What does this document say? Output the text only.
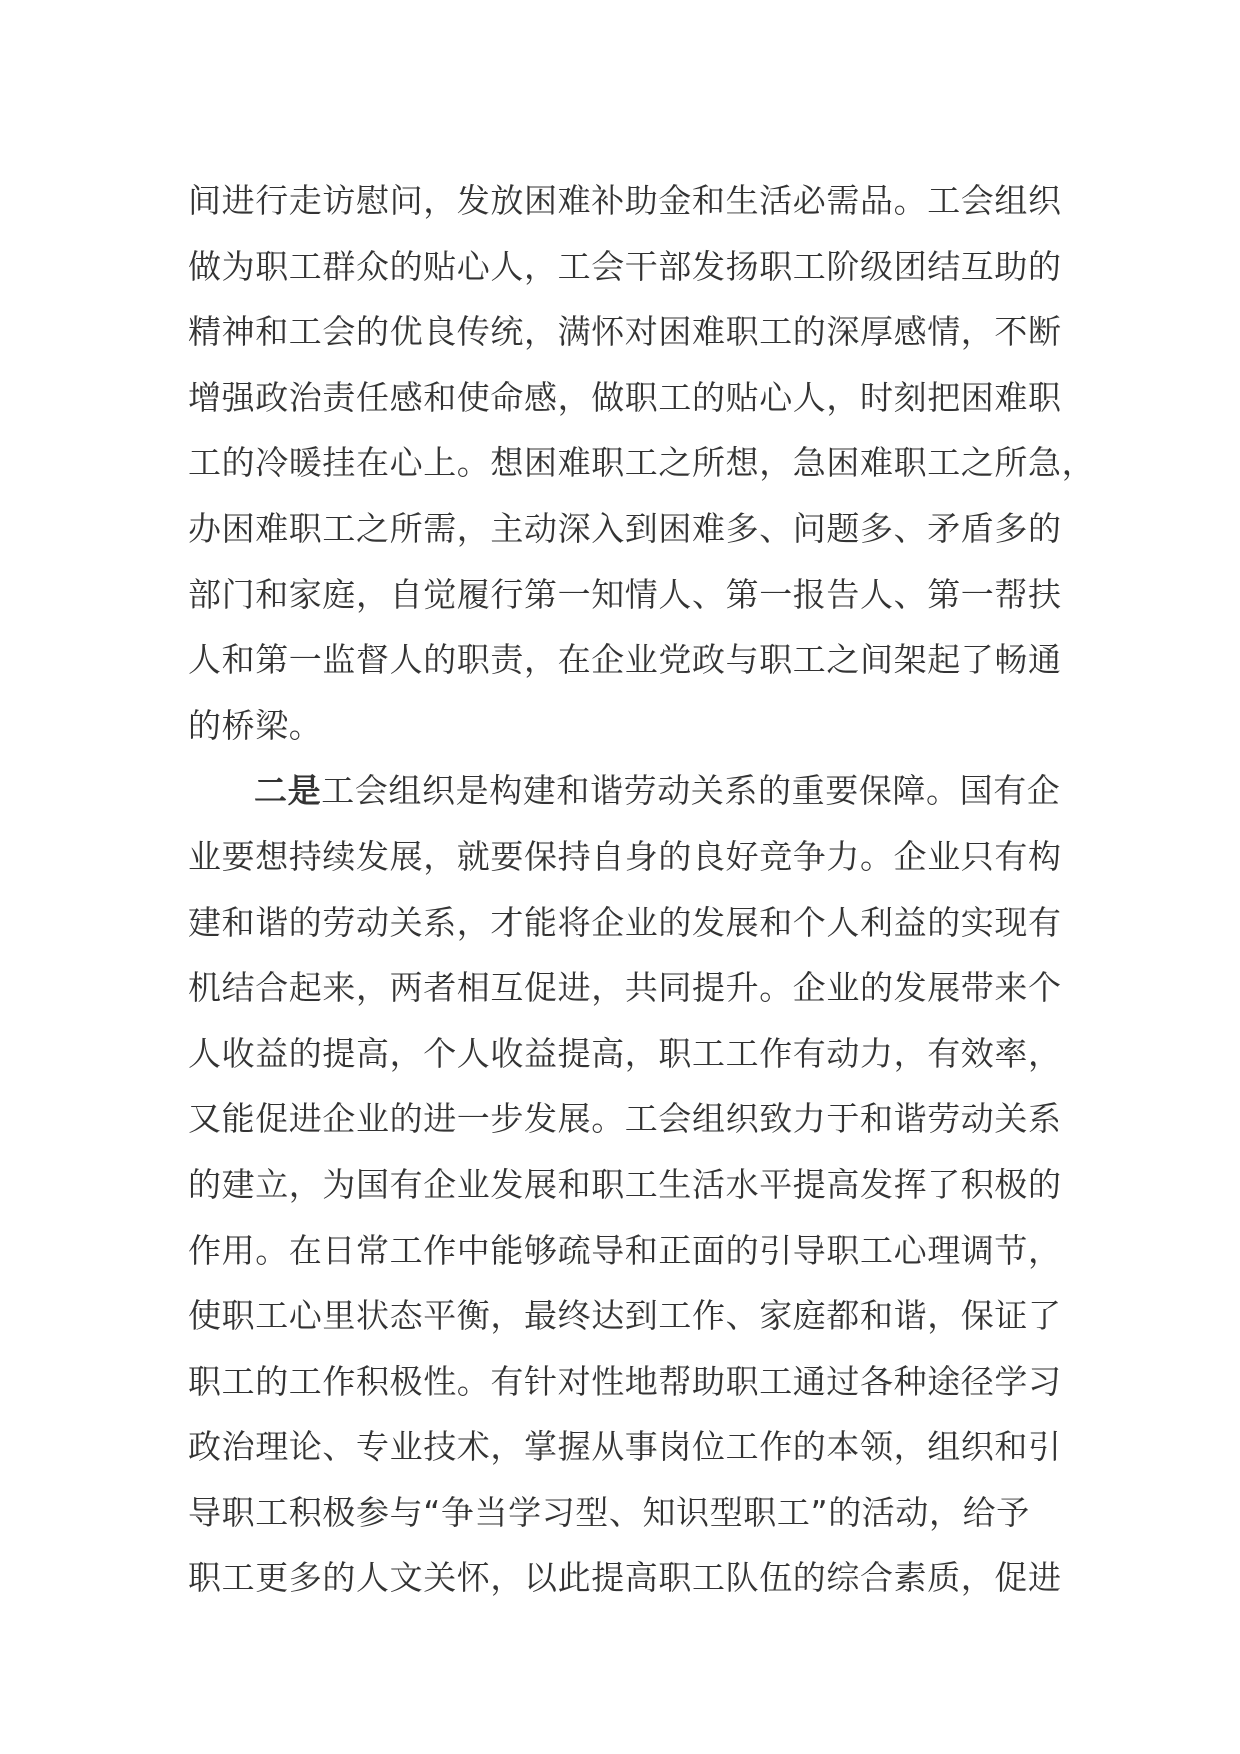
间进行走访慰问，发放困难补助金和生活必需品。工会组织
做为职工群众的贴心人，工会干部发扬职工阶级团结互助的
精神和工会的优良传统，满怀对困难职工的深厚感情，不断
增强政治责任感和使命感，做职工的贴心人，时刻把困难职
工的冷暖挂在心上。想困难职工之所想，急困难职工之所急，
办困难职工之所需，主动深入到困难多、问题多、矛盾多的
部门和家庭，自觉履行第一知情人、第一报告人、第一帮扶
人和第一监督人的职责，在企业党政与职工之间架起了畅通
的桥梁。
二是工会组织是构建和谐劳动关系的重要保障。国有企
业要想持续发展，就要保持自身的良好竞争力。企业只有构
建和谐的劳动关系，才能将企业的发展和个人利益的实现有
机结合起来，两者相互促进，共同提升。企业的发展带来个
人收益的提高，个人收益提高，职工工作有动力，有效率，
又能促进企业的进一步发展。工会组织致力于和谐劳动关系
的建立，为国有企业发展和职工生活水平提高发挥了积极的
作用。在日常工作中能够疏导和正面的引导职工心理调节，
使职工心里状态平衡，最终达到工作、家庭都和谐，保证了
职工的工作积极性。有针对性地帮助职工通过各种途径学习
政治理论、专业技术，掌握从事岗位工作的本领，组织和引
导职工积极参与“争当学习型、知识型职工”的活动，给予
职工更多的人文关怀，以此提高职工队伍的综合素质，促进
